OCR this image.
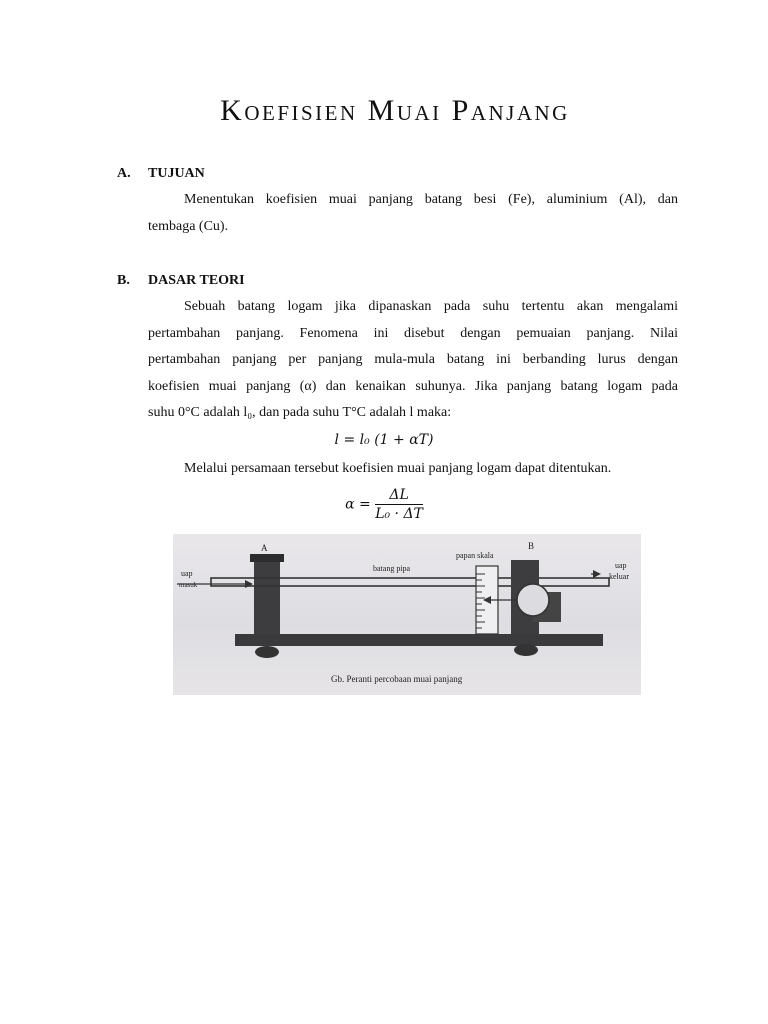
Koefisien Muai Panjang
A. TUJUAN
Menentukan koefisien muai panjang batang besi (Fe), aluminium (Al), dan
tembaga (Cu).
B. DASAR TEORI
Sebuah batang logam jika dipanaskan pada suhu tertentu akan mengalami
pertambahan panjang. Fenomena ini disebut dengan pemuaian panjang. Nilai
pertambahan panjang per panjang mula-mula batang ini berbanding lurus dengan
koefisien muai panjang (α) dan kenaikan suhunya. Jika panjang batang logam pada
suhu 0°C adalah l₀, dan pada suhu T°C adalah l maka:
l = l₀ (1 + αT)
Melalui persamaan tersebut koefisien muai panjang logam dapat ditentukan.
$\alpha = \frac{\Delta L}{\text{L₀ · ΔT}}$
A	B
batang pipa
papan skala
uap
masuk
uap
keluar
Gb. Peranti percobaan muai panjang
